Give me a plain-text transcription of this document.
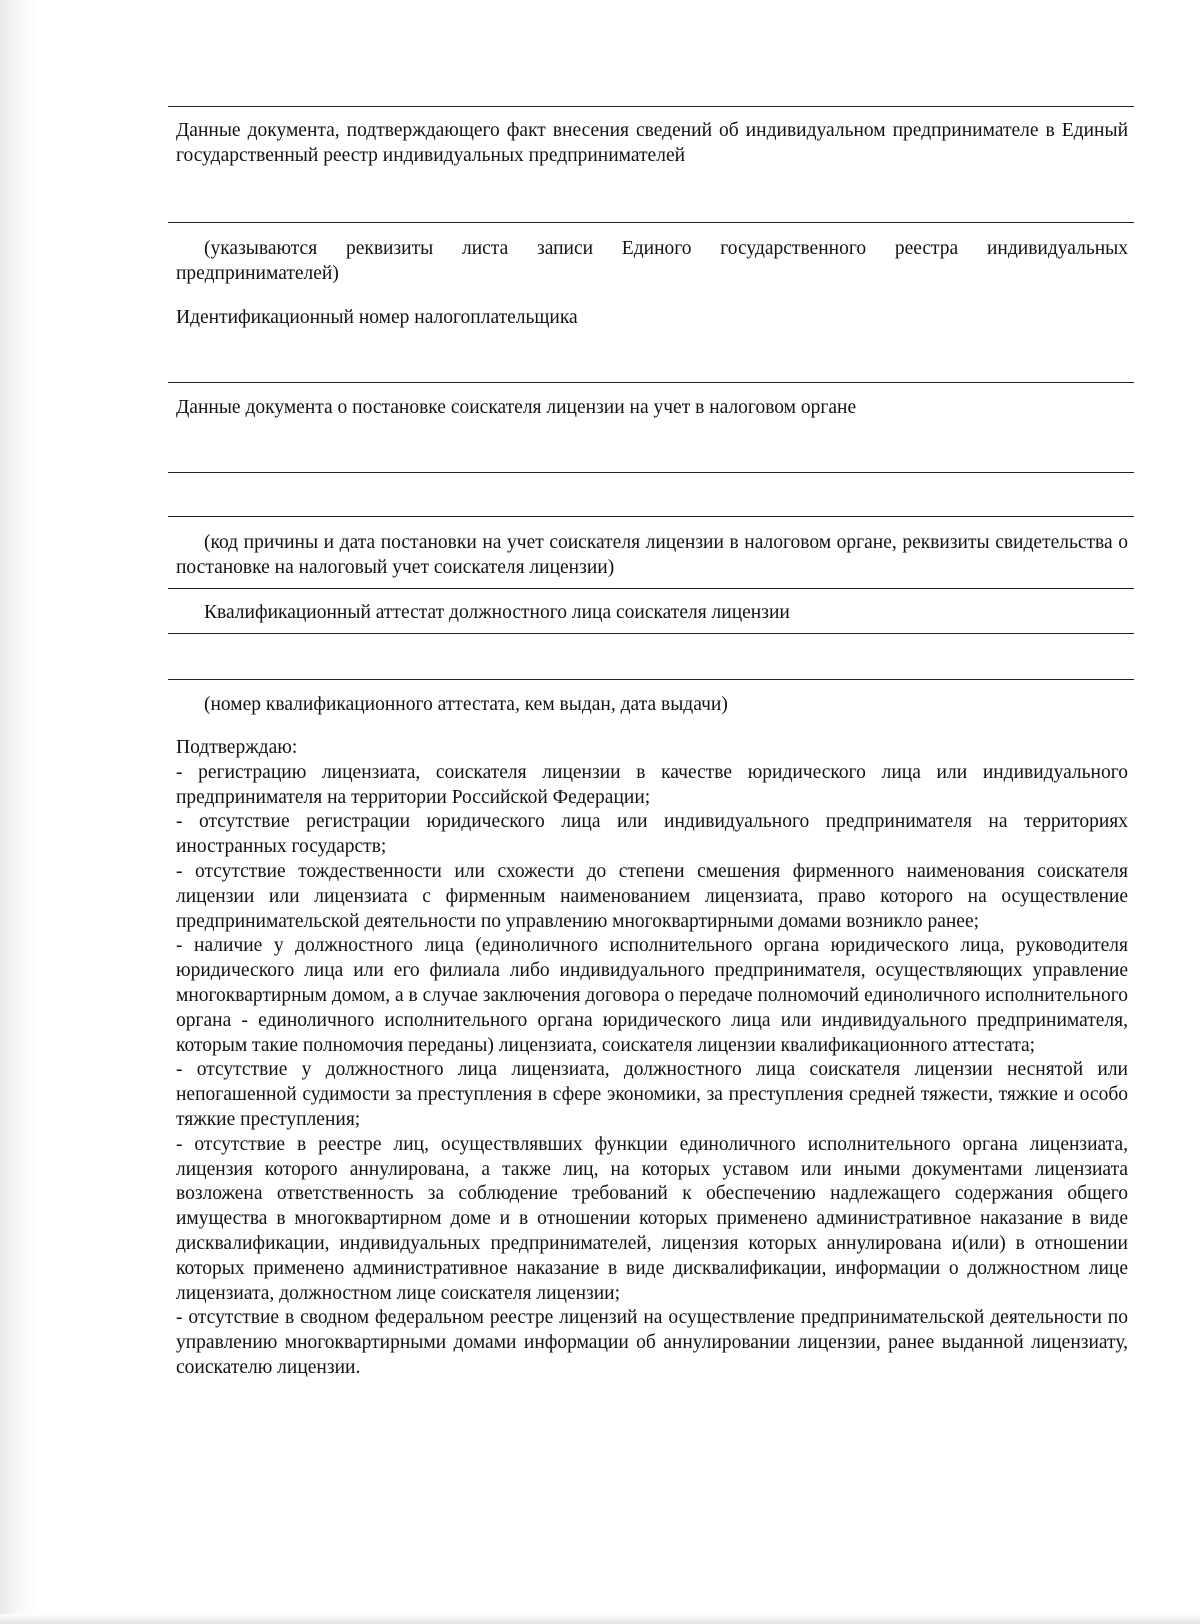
Данные документа, подтверждающего факт внесения сведений об индивидуальном предпринимателе в Единый государственный реестр индивидуальных предпринимателей
(указываются реквизиты листа записи Единого государственного реестра индивидуальных предпринимателей)
Идентификационный номер налогоплательщика
Данные документа о постановке соискателя лицензии на учет в налоговом органе
(код причины и дата постановки на учет соискателя лицензии в налоговом органе, реквизиты свидетельства о постановке на налоговый учет соискателя лицензии)
Квалификационный аттестат должностного лица соискателя лицензии
(номер квалификационного аттестата, кем выдан, дата выдачи)

Подтверждаю:

- регистрацию лицензиата, соискателя лицензии в качестве юридического лица или индивидуального предпринимателя на территории Российской Федерации;

- отсутствие регистрации юридического лица или индивидуального предпринимателя на территориях иностранных государств;

- отсутствие тождественности или схожести до степени смешения фирменного наименования соискателя лицензии или лицензиата с фирменным наименованием лицензиата, право которого на осуществление предпринимательской деятельности по управлению многоквартирными домами возникло ранее;

- наличие у должностного лица (единоличного исполнительного органа юридического лица, руководителя юридического лица или его филиала либо индивидуального предпринимателя, осуществляющих управление многоквартирным домом, а в случае заключения договора о передаче полномочий единоличного исполнительного органа - единоличного исполнительного органа юридического лица или индивидуального предпринимателя, которым такие полномочия переданы) лицензиата, соискателя лицензии квалификационного аттестата;

- отсутствие у должностного лица лицензиата, должностного лица соискателя лицензии неснятой или непогашенной судимости за преступления в сфере экономики, за преступления средней тяжести, тяжкие и особо тяжкие преступления;

- отсутствие в реестре лиц, осуществлявших функции единоличного исполнительного органа лицензиата, лицензия которого аннулирована, а также лиц, на которых уставом или иными документами лицензиата возложена ответственность за соблюдение требований к обеспечению надлежащего содержания общего имущества в многоквартирном доме и в отношении которых применено административное наказание в виде дисквалификации, индивидуальных предпринимателей, лицензия которых аннулирована и(или) в отношении которых применено административное наказание в виде дисквалификации, информации о должностном лице лицензиата, должностном лице соискателя лицензии;

- отсутствие в сводном федеральном реестре лицензий на осуществление предпринимательской деятельности по управлению многоквартирными домами информации об аннулировании лицензии, ранее выданной лицензиату, соискателю лицензии.
